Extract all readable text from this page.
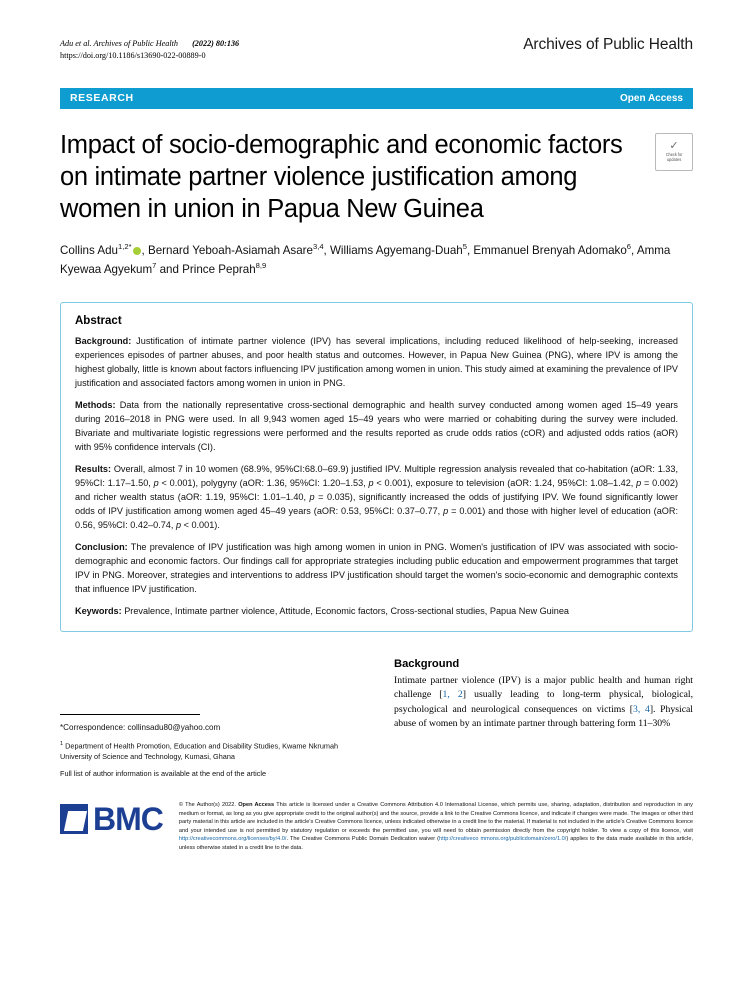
Adu et al. Archives of Public Health (2022) 80:136
https://doi.org/10.1186/s13690-022-00889-0
Archives of Public Health
RESEARCH	Open Access
Impact of socio-demographic and economic factors on intimate partner violence justification among women in union in Papua New Guinea
✓
Check for
updates
Collins Adu$^{1,2*}$ , Bernard Yeboah-Asiamah Asare$^{3,4}$, Williams Agyemang-Duah$^5$, Emmanuel Brenyah Adomako$^6$, Amma Kyewaa Agyekum$^7$ and Prince Peprah$^{8,9}$
Abstract

Background: Justification of intimate partner violence (IPV) has several implications, including reduced likelihood of help-seeking, increased experiences episodes of partner abuses, and poor health status and outcomes. However, in Papua New Guinea (PNG), where IPV is among the highest globally, little is known about factors influencing IPV justification among women in union. This study aimed at examining the prevalence of IPV justification and associated factors among women in union in PNG.

Methods: Data from the nationally representative cross-sectional demographic and health survey conducted among women aged 15–49 years during 2016–2018 in PNG were used. In all 9,943 women aged 15–49 years who were married or cohabiting during the survey were included. Bivariate and multivariate logistic regressions were performed and the results reported as crude odds ratios (cOR) and adjusted odds ratios (aOR) with 95% confidence intervals (CI).

Results: Overall, almost 7 in 10 women (68.9%, 95%CI:68.0–69.9) justified IPV. Multiple regression analysis revealed that co-habitation (aOR: 1.33, 95%CI: 1.17–1.50, p < 0.001), polygyny (aOR: 1.36, 95%CI: 1.20–1.53, p < 0.001), exposure to television (aOR: 1.24, 95%CI: 1.08–1.42, p = 0.002) and richer wealth status (aOR: 1.19, 95%CI: 1.01–1.40, p = 0.035), significantly increased the odds of justifying IPV. We found significantly lower odds of IPV justification among women aged 45–49 years (aOR: 0.53, 95%CI: 0.37–0.77, p = 0.001) and those with higher level of education (aOR: 0.56, 95%CI: 0.42–0.74, p < 0.001).

Conclusion: The prevalence of IPV justification was high among women in union in PNG. Women's justification of IPV was associated with socio-demographic and economic factors. Our findings call for appropriate strategies including public education and empowerment programmes that target IPV in PNG. Moreover, strategies and interventions to address IPV justification should target the women's socio-economic and demographic contexts that influence IPV justification.

Keywords: Prevalence, Intimate partner violence, Attitude, Economic factors, Cross-sectional studies, Papua New Guinea

*Correspondence: collinsadu80@yahoo.com
$^1$ Department of Health Promotion, Education and Disability Studies, Kwame Nkrumah University of Science and Technology, Kumasi, Ghana
Full list of author information is available at the end of the article
Background

Intimate partner violence (IPV) is a major public health and human right challenge [1, 2] usually leading to long-term physical, biological, psychological and neurological consequences on victims [3, 4]. Physical abuse of women by an intimate partner through battering form 11–30%

BMC	© The Author(s) 2022. Open Access This article is licensed under a Creative Commons Attribution 4.0 International License, which permits use, sharing, adaptation, distribution and reproduction in any medium or format, as long as you give appropriate credit to the original author(s) and the source, provide a link to the Creative Commons licence, and indicate if changes were made. The images or other third party material in this article are included in the article's Creative Commons licence, unless indicated otherwise in a credit line to the material. If material is not included in the article's Creative Commons licence and your intended use is not permitted by statutory regulation or exceeds the permitted use, you will need to obtain permission directly from the copyright holder. To view a copy of this licence, visit http://creativecommons.org/licenses/by/4.0/. The Creative Commons Public Domain Dedication waiver (http://creativeco mmons.org/publicdomain/zero/1.0/) applies to the data made available in this article, unless otherwise stated in a credit line to the data.
